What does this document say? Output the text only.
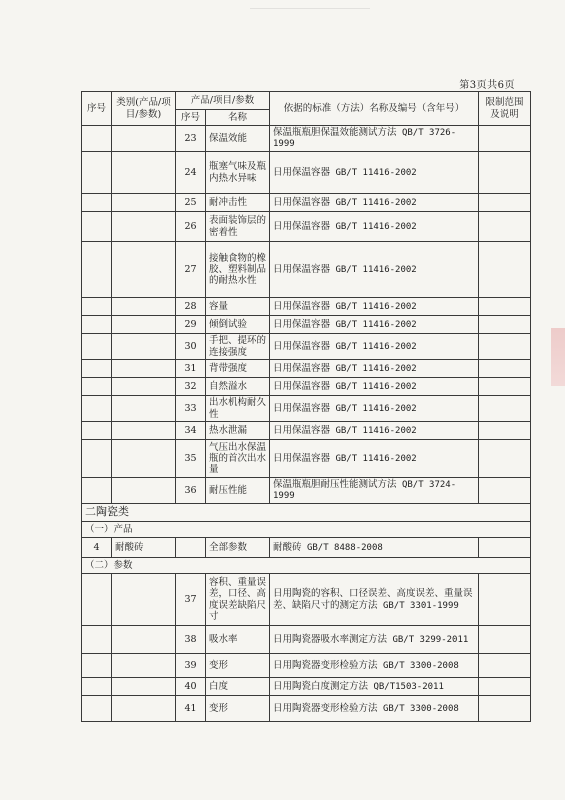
第3页共6页
序号	类别(产品/项目/参数)	产品/项目/参数		依据的标准（方法）名称及编号（含年号）	限制范围及说明
		序号	名称		
		23	保温效能	保温瓶瓶胆保温效能测试方法 QB/T 3726-1999	
		24	瓶塞气味及瓶内热水异味	日用保温容器 GB/T 11416-2002	
		25	耐冲击性	日用保温容器 GB/T 11416-2002	
		26	表面装饰层的密着性	日用保温容器 GB/T 11416-2002	
		27	接触食物的橡胶、塑料制品的耐热水性	日用保温容器 GB/T 11416-2002	
		28	容量	日用保温容器 GB/T 11416-2002	
		29	倾倒试验	日用保温容器 GB/T 11416-2002	
		30	手把、提环的连接强度	日用保温容器 GB/T 11416-2002	
		31	背带强度	日用保温容器 GB/T 11416-2002	
		32	自然溢水	日用保温容器 GB/T 11416-2002	
		33	出水机构耐久性	日用保温容器 GB/T 11416-2002	
		34	热水泄漏	日用保温容器 GB/T 11416-2002	
		35	气压出水保温瓶的首次出水量	日用保温容器 GB/T 11416-2002	
		36	耐压性能	保温瓶瓶胆耐压性能测试方法 QB/T 3724-1999	
二陶瓷类					
（一）产品					
4	耐酸砖		全部参数	耐酸砖 GB/T 8488-2008	
（二）参数					
		37	容积、重量误差，口径、高度误差缺陷尺寸	日用陶瓷的容积、口径误差、高度误差、重量误差、缺陷尺寸的测定方法 GB/T 3301-1999	
		38	吸水率	日用陶瓷器吸水率测定方法 GB/T 3299-2011	
		39	变形	日用陶瓷器变形检验方法 GB/T 3300-2008	
		40	白度	日用陶瓷白度测定方法 QB/T1503-2011	
		41	变形	日用陶瓷器变形检验方法 GB/T 3300-2008	
